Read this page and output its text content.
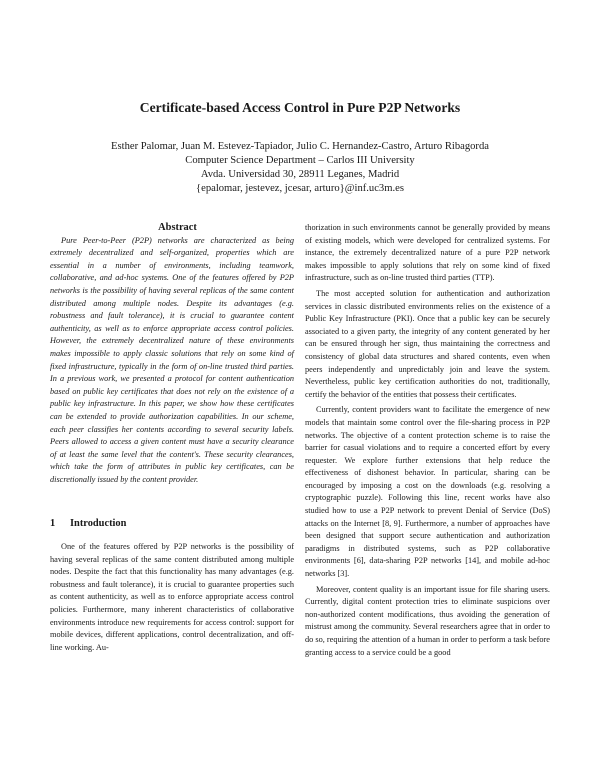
Certificate-based Access Control in Pure P2P Networks
Esther Palomar, Juan M. Estevez-Tapiador, Julio C. Hernandez-Castro, Arturo Ribagorda
Computer Science Department – Carlos III University
Avda. Universidad 30, 28911 Leganes, Madrid
{epalomar, jestevez, jcesar, arturo}@inf.uc3m.es

Abstract

Pure Peer-to-Peer (P2P) networks are characterized as being extremely decentralized and self-organized, properties which are essential in a number of environments, including teamwork, collaborative, and ad-hoc systems. One of the features offered by P2P networks is the possibility of having several replicas of the same content distributed among multiple nodes. Despite its advantages (e.g. robustness and fault tolerance), it is crucial to guarantee content authenticity, as well as to enforce appropriate access control policies. However, the extremely decentralized nature of these environments makes impossible to apply classic solutions that rely on some kind of fixed infrastructure, typically in the form of on-line trusted third parties. In a previous work, we presented a protocol for content authentication based on public key certificates that does not rely on the existence of a public key infrastructure. In this paper, we show how these certificates can be extended to provide authorization capabilities. In our scheme, each peer classifies her contents according to several security labels. Peers allowed to access a given content must have a security clearance of at least the same level that the content's. These security clearances, which take the form of attributes in public key certificates, can be discretionally issued by the content provider.

1	Introduction

One of the features offered by P2P networks is the possibility of having several replicas of the same content distributed among multiple nodes. Despite the fact that this functionality has many advantages (e.g. robustness and fault tolerance), it is crucial to guarantee properties such as content authenticity, as well as to enforce appropriate access control policies. Furthermore, many inherent characteristics of collaborative environments introduce new requirements for access control: support for mobile devices, different applications, control decentralization, and off-line working. Au-

thorization in such environments cannot be generally provided by means of existing models, which were developed for centralized systems. For instance, the extremely decentralized nature of a pure P2P network makes impossible to apply solutions that rely on some kind of fixed infrastructure, such as on-line trusted third parties (TTP).

The most accepted solution for authentication and authorization services in classic distributed environments relies on the existence of a Public Key Infrastructure (PKI). Once that a public key can be securely associated to a given party, the integrity of any content generated by her can be ensured through her sign, thus maintaining the correctness and consistency of global data structures and shared contents, even when peers independently and unpredictably join and leave the system. Nevertheless, public key certification authorities do not, traditionally, certify the behavior of the entities that possess their certificates.

Currently, content providers want to facilitate the emergence of new models that maintain some control over the file-sharing process in P2P networks. The objective of a content protection scheme is to raise the barrier for casual violations and to require a concerted effort by every requester. We explore further extensions that help reduce the effectiveness of dishonest behavior. In particular, sharing can be encouraged by imposing a cost on the downloads (e.g. resolving a cryptographic puzzle). Following this line, recent works have also studied how to use a P2P network to prevent Denial of Service (DoS) attacks on the Internet [8, 9]. Furthermore, a number of approaches have been designed that support secure authentication and authorization paradigms in distributed systems, such as P2P collaborative environments [6], data-sharing P2P networks [14], and mobile ad-hoc networks [3].

Moreover, content quality is an important issue for file sharing users. Currently, digital content protection tries to eliminate suspicions over non-authorized content modifications, thus avoiding the generation of mistrust among the community. Several researchers agree that in order to do so, requiring the attention of a human in order to perform a task before granting access to a service could be a good
